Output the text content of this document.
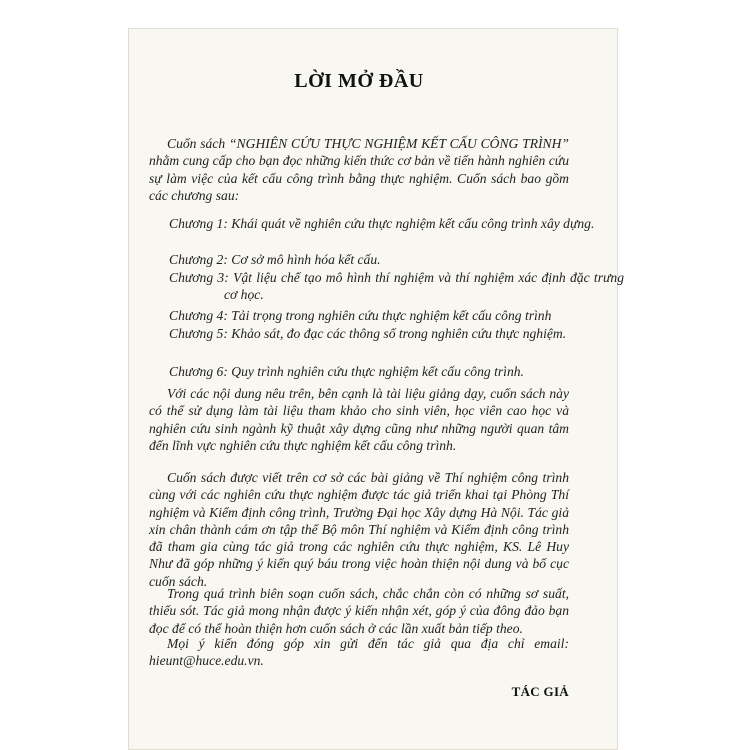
LỜI MỞ ĐẦU

Cuốn sách “NGHIÊN CỨU THỰC NGHIỆM KẾT CẤU CÔNG TRÌNH” nhằm cung cấp cho bạn đọc những kiến thức cơ bản về tiến hành nghiên cứu sự làm việc của kết cấu công trình bằng thực nghiệm. Cuốn sách bao gồm các chương sau:

Chương 1: Khái quát về nghiên cứu thực nghiệm kết cấu công trình xây dựng.

Chương 2: Cơ sở mô hình hóa kết cấu.

Chương 3: Vật liệu chế tạo mô hình thí nghiệm và thí nghiệm xác định đặc trưng cơ học.

Chương 4: Tải trọng trong nghiên cứu thực nghiệm kết cấu công trình

Chương 5: Khảo sát, đo đạc các thông số trong nghiên cứu thực nghiệm.

Chương 6: Quy trình nghiên cứu thực nghiệm kết cấu công trình.

Với các nội dung nêu trên, bên cạnh là tài liệu giảng dạy, cuốn sách này có thể sử dụng làm tài liệu tham khảo cho sinh viên, học viên cao học và nghiên cứu sinh ngành kỹ thuật xây dựng cũng như những người quan tâm đến lĩnh vực nghiên cứu thực nghiệm kết cấu công trình.

Cuốn sách được viết trên cơ sở các bài giảng về Thí nghiệm công trình cùng với các nghiên cứu thực nghiệm được tác giả triển khai tại Phòng Thí nghiệm và Kiểm định công trình, Trường Đại học Xây dựng Hà Nội. Tác giả xin chân thành cám ơn tập thể Bộ môn Thí nghiệm và Kiểm định công trình đã tham gia cùng tác giả trong các nghiên cứu thực nghiệm, KS. Lê Huy Như đã góp những ý kiến quý báu trong việc hoàn thiện nội dung và bố cục cuốn sách.

Trong quá trình biên soạn cuốn sách, chắc chắn còn có những sơ suất, thiếu sót. Tác giả mong nhận được ý kiến nhận xét, góp ý của đông đảo bạn đọc để có thể hoàn thiện hơn cuốn sách ở các lần xuất bản tiếp theo.

Mọi ý kiến đóng góp xin gửi đến tác giả qua địa chỉ email: hieunt@huce.edu.vn.

TÁC GIẢ
